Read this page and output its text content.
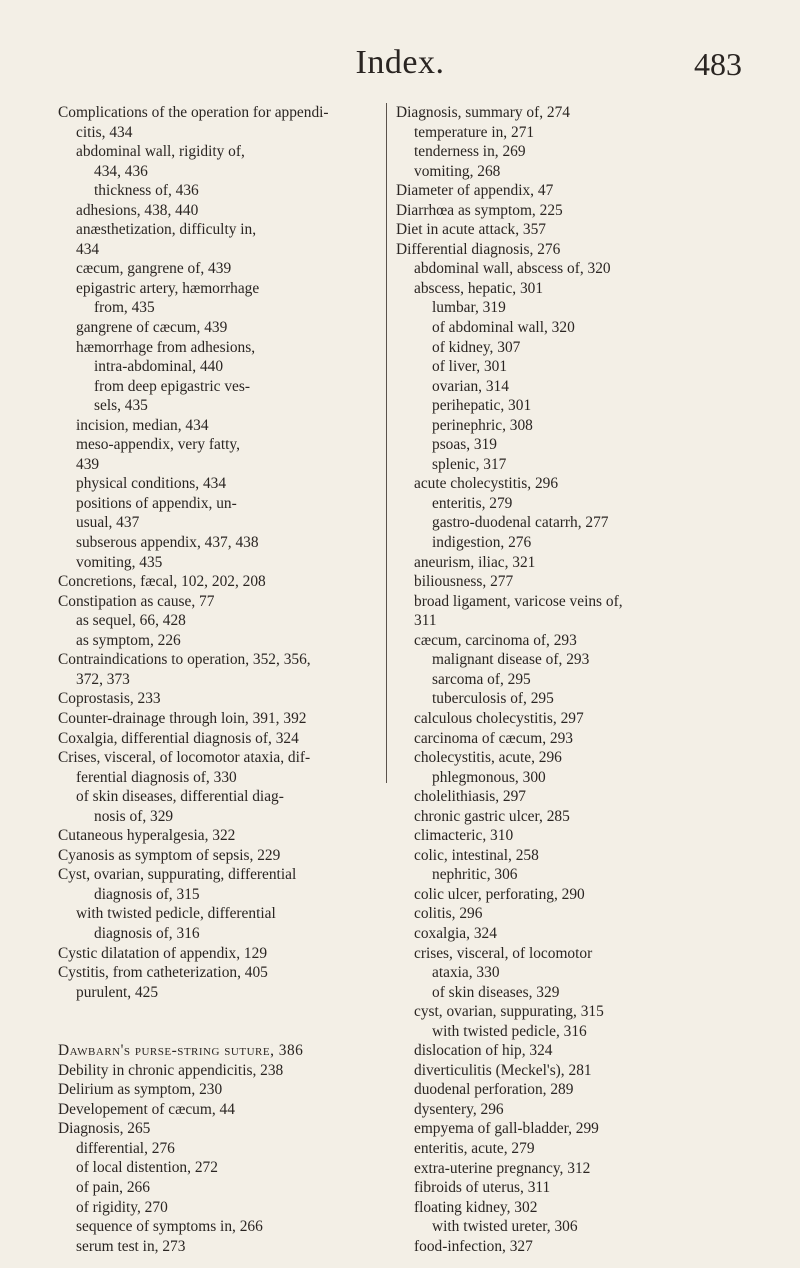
Index.	483
Complications of the operation for appendi-
citis, 434
abdominal wall, rigidity of,
434, 436
thickness of, 436
adhesions, 438, 440
anæsthetization, difficulty in,
434
cæcum, gangrene of, 439
epigastric artery, hæmorrhage
from, 435
gangrene of cæcum, 439
hæmorrhage from adhesions,
intra-abdominal, 440
from deep epigastric ves-
sels, 435
incision, median, 434
meso-appendix, very fatty,
439
physical conditions, 434
positions of appendix, un-
usual, 437
subserous appendix, 437, 438
vomiting, 435
Concretions, fæcal, 102, 202, 208
Constipation as cause, 77
as sequel, 66, 428
as symptom, 226
Contraindications to operation, 352, 356,
372, 373
Coprostasis, 233
Counter-drainage through loin, 391, 392
Coxalgia, differential diagnosis of, 324
Crises, visceral, of locomotor ataxia, dif-
ferential diagnosis of, 330
of skin diseases, differential diag-
nosis of, 329
Cutaneous hyperalgesia, 322
Cyanosis as symptom of sepsis, 229
Cyst, ovarian, suppurating, differential
diagnosis of, 315
with twisted pedicle, differential
diagnosis of, 316
Cystic dilatation of appendix, 129
Cystitis, from catheterization, 405
purulent, 425
Dawbarn's purse-string suture, 386
Debility in chronic appendicitis, 238
Delirium as symptom, 230
Developement of cæcum, 44
Diagnosis, 265
differential, 276
of local distention, 272
of pain, 266
of rigidity, 270
sequence of symptoms in, 266
serum test in, 273
Diagnosis, summary of, 274
temperature in, 271
tenderness in, 269
vomiting, 268
Diameter of appendix, 47
Diarrhœa as symptom, 225
Diet in acute attack, 357
Differential diagnosis, 276
abdominal wall, abscess of, 320
abscess, hepatic, 301
lumbar, 319
of abdominal wall, 320
of kidney, 307
of liver, 301
ovarian, 314
perihepatic, 301
perinephric, 308
psoas, 319
splenic, 317
acute cholecystitis, 296
enteritis, 279
gastro-duodenal catarrh, 277
indigestion, 276
aneurism, iliac, 321
biliousness, 277
broad ligament, varicose veins of,
311
cæcum, carcinoma of, 293
malignant disease of, 293
sarcoma of, 295
tuberculosis of, 295
calculous cholecystitis, 297
carcinoma of cæcum, 293
cholecystitis, acute, 296
phlegmonous, 300
cholelithiasis, 297
chronic gastric ulcer, 285
climacteric, 310
colic, intestinal, 258
nephritic, 306
colic ulcer, perforating, 290
colitis, 296
coxalgia, 324
crises, visceral, of locomotor
ataxia, 330
of skin diseases, 329
cyst, ovarian, suppurating, 315
with twisted pedicle, 316
dislocation of hip, 324
diverticulitis (Meckel's), 281
duodenal perforation, 289
dysentery, 296
empyema of gall-bladder, 299
enteritis, acute, 279
extra-uterine pregnancy, 312
fibroids of uterus, 311
floating kidney, 302
with twisted ureter, 306
food-infection, 327
